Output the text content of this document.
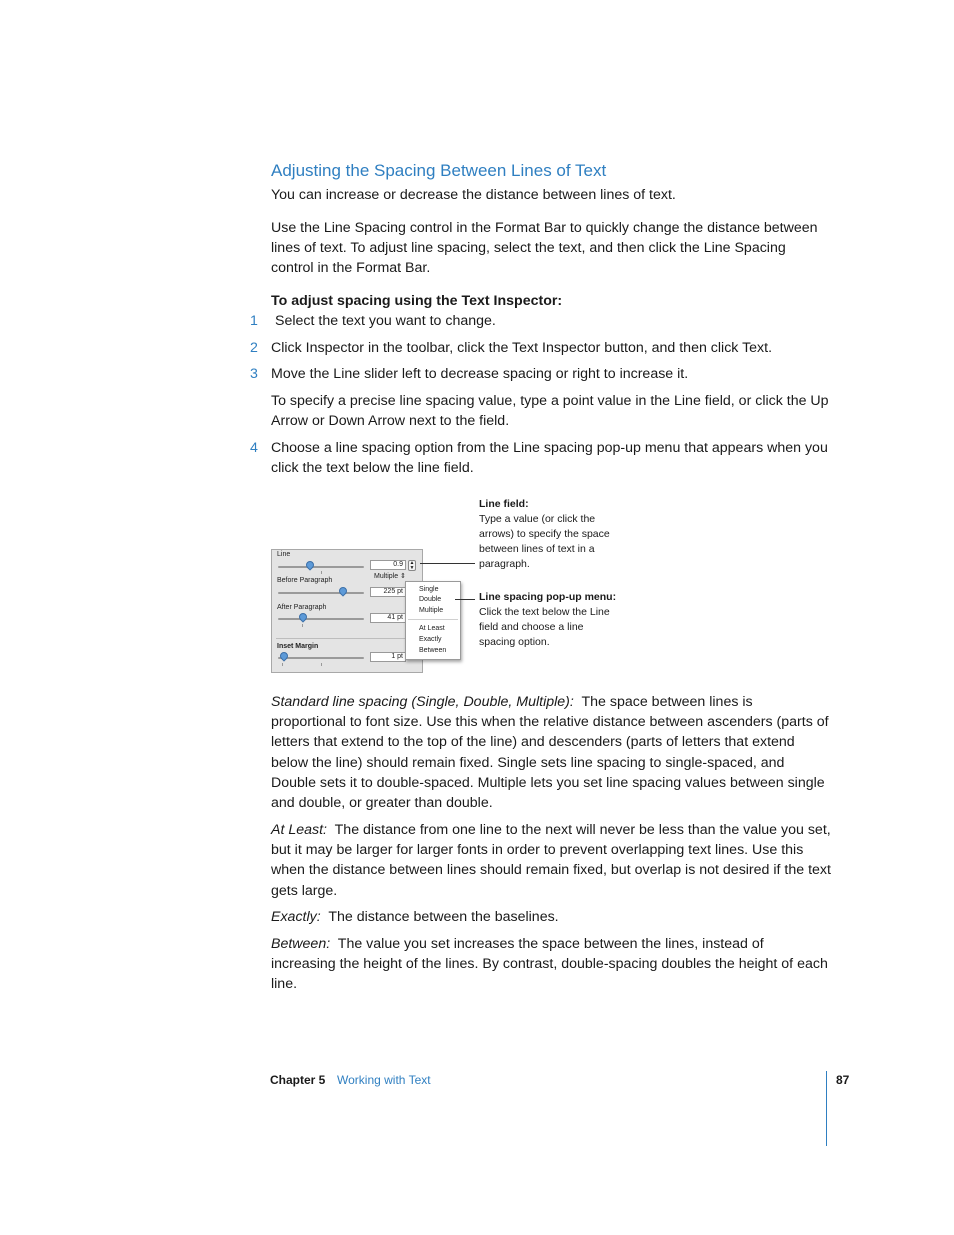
Adjusting the Spacing Between Lines of Text
You can increase or decrease the distance between lines of text.
Use the Line Spacing control in the Format Bar to quickly change the distance between lines of text. To adjust line spacing, select the text, and then click the Line Spacing control in the Format Bar.
To adjust spacing using the Text Inspector:
1 Select the text you want to change.
2 Click Inspector in the toolbar, click the Text Inspector button, and then click Text.
3 Move the Line slider left to decrease spacing or right to increase it.
To specify a precise line spacing value, type a point value in the Line field, or click the Up Arrow or Down Arrow next to the field.
4 Choose a line spacing option from the Line spacing pop-up menu that appears when you click the text below the line field.
Line
0.9	▲
▼
Multiple ⇕
Before Paragraph
225 pt
After Paragraph
41 pt
Inset Margin
1 pt
Single
Double
Multiple
At Least
Exactly
Between
Line field:
Type a value (or click the arrows) to specify the space between lines of text in a paragraph.
Line spacing pop-up menu:
Click the text below the Line field and choose a line spacing option.
Standard line spacing (Single, Double, Multiple): The space between lines is proportional to font size. Use this when the relative distance between ascenders (parts of letters that extend to the top of the line) and descenders (parts of letters that extend below the line) should remain fixed. Single sets line spacing to single-spaced, and Double sets it to double-spaced. Multiple lets you set line spacing values between single and double, or greater than double.
At Least: The distance from one line to the next will never be less than the value you set, but it may be larger for larger fonts in order to prevent overlapping text lines. Use this when the distance between lines should remain fixed, but overlap is not desired if the text gets large.
Exactly: The distance between the baselines.
Between: The value you set increases the space between the lines, instead of increasing the height of the lines. By contrast, double-spacing doubles the height of each line.
Chapter 5 Working with Text	87
